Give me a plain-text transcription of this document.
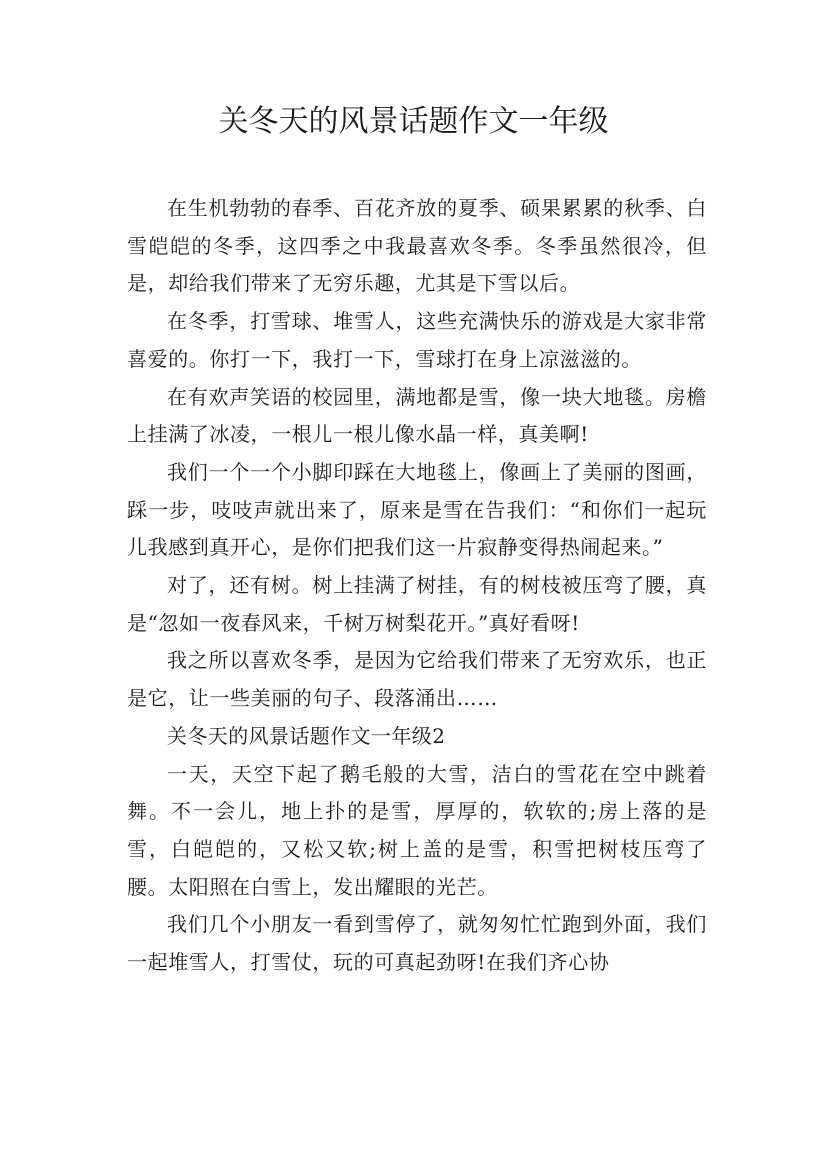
关冬天的风景话题作文一年级

在生机勃勃的春季、百花齐放的夏季、硕果累累的秋季、白雪皑皑的冬季，这四季之中我最喜欢冬季。冬季虽然很冷，但是，却给我们带来了无穷乐趣，尤其是下雪以后。

在冬季，打雪球、堆雪人，这些充满快乐的游戏是大家非常喜爱的。你打一下，我打一下，雪球打在身上凉滋滋的。

在有欢声笑语的校园里，满地都是雪，像一块大地毯。房檐上挂满了冰凌，一根儿一根儿像水晶一样，真美啊!

我们一个一个小脚印踩在大地毯上，像画上了美丽的图画，踩一步，吱吱声就出来了，原来是雪在告我们：“和你们一起玩儿我感到真开心，是你们把我们这一片寂静变得热闹起来。”

对了，还有树。树上挂满了树挂，有的树枝被压弯了腰，真是“忽如一夜春风来，千树万树梨花开。”真好看呀!

我之所以喜欢冬季，是因为它给我们带来了无穷欢乐，也正是它，让一些美丽的句子、段落涌出……

关冬天的风景话题作文一年级2

一天，天空下起了鹅毛般的大雪，洁白的雪花在空中跳着舞。不一会儿，地上扑的是雪，厚厚的，软软的;房上落的是雪，白皑皑的，又松又软;树上盖的是雪，积雪把树枝压弯了腰。太阳照在白雪上，发出耀眼的光芒。

我们几个小朋友一看到雪停了，就匆匆忙忙跑到外面，我们一起堆雪人，打雪仗，玩的可真起劲呀!在我们齐心协
